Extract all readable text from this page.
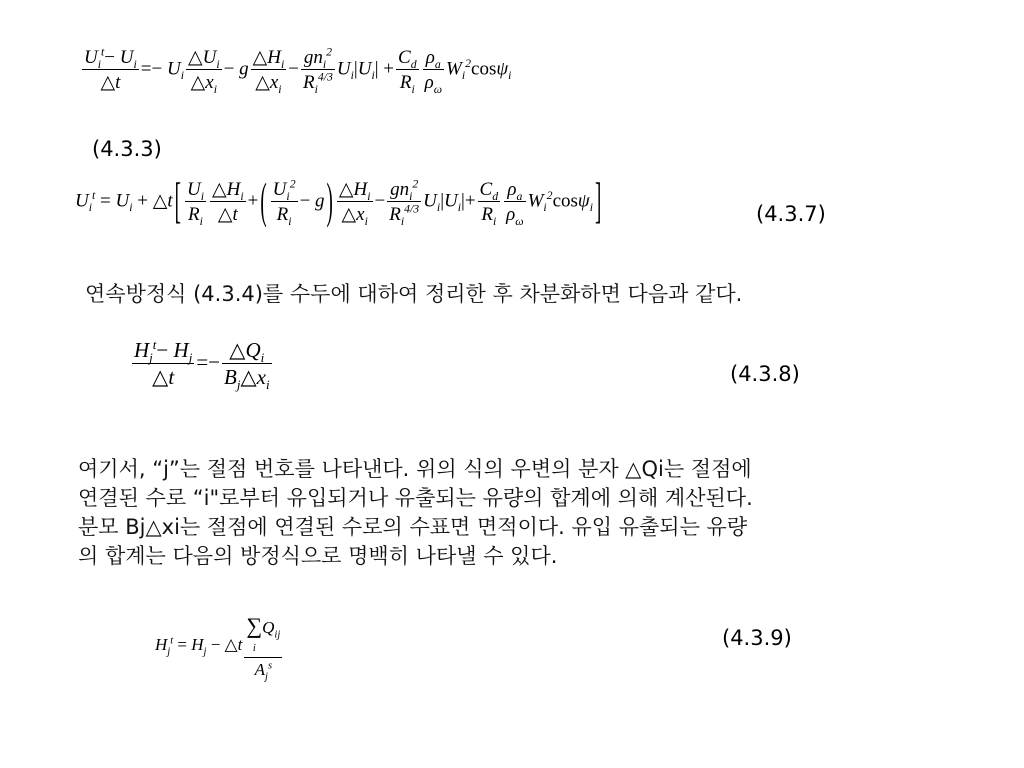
$\frac{U_i^t- U_i}{\triangle t} =- U_i \frac{\triangle U_i}{\triangle x_i} - g \frac{\triangle H_i}{\triangle x_i} - \frac{gn_i^2}{R_i^{4/3}} U_i|U_i| + \frac{C_d}{R_i} \frac{\rho_a}{\rho_\omega} W_i^2\cos\psi_i$
(4.3.3)
$U_i^t = U_i$ + △t [ $\frac{U_i}{R_i} \frac{\triangle H_i}{\triangle t}$ + ( $\frac{U_i^2}{R_i} - g$ ) $\frac{\triangle H_i}{\triangle x_i} - \frac{gn_i^2}{R_i^{4/3}} U_i|U_i|+ \frac{C_d}{R_i} \frac{\rho_a}{\rho_\omega} W_i^2\cos\psi_i$ ]	(4.3.7)
연속방정식 (4.3.4)를 수두에 대하여 정리한 후 차분화하면 다음과 같다.
$\frac{H_j^t- H_j}{\triangle t} =- \frac{\triangle Q_i}{B_j\triangle x_i}$	(4.3.8)
여기서, “j”는 절점 번호를 나타낸다. 위의 식의 우변의 분자 △Qi는 절점에
연결된 수로 “i"로부터 유입되거나 유출되는 유량의 합계에 의해 계산된다.
분모 Bj△xi는 절점에 연결된 수로의 수표면 면적이다. 유입 유출되는 유량
의 합계는 다음의 방정식으로 명백히 나타낼 수 있다.
$H_j^t = H_j$ − △t
$\sum Q_{ij}$
i
$A_j^s$
(4.3.9)
